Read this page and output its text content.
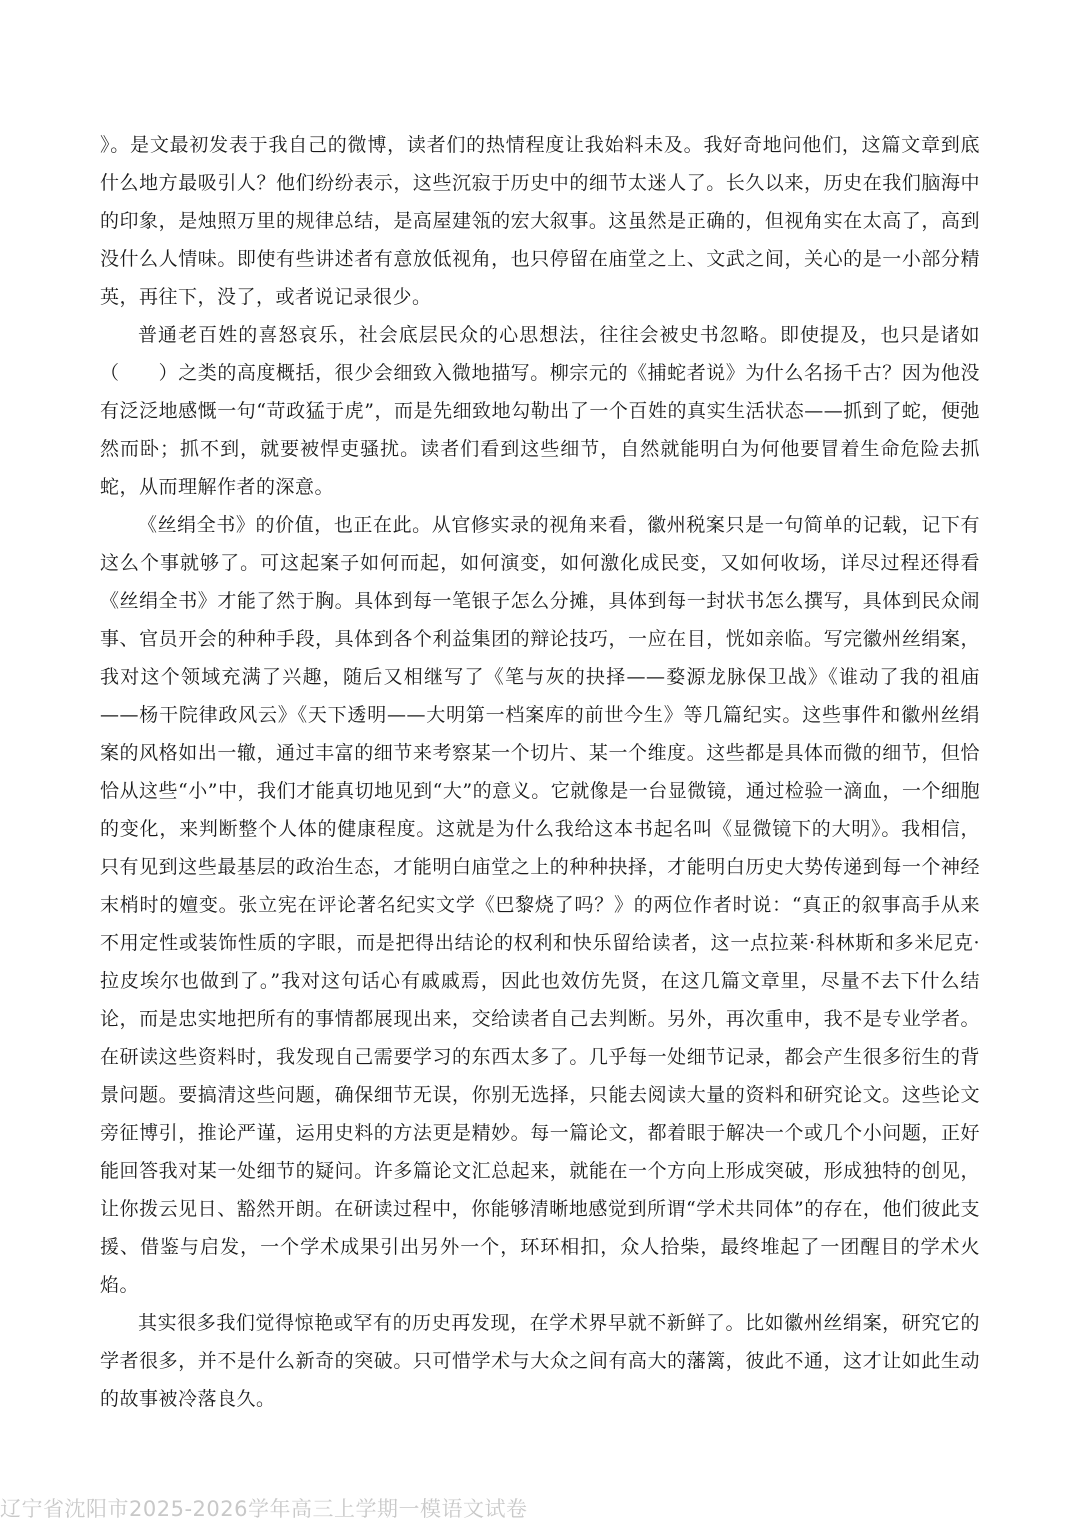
》。是文最初发表于我自己的微博，读者们的热情程度让我始料未及。我好奇地问他们，这篇文章到底什么地方最吸引人？他们纷纷表示，这些沉寂于历史中的细节太迷人了。长久以来，历史在我们脑海中的印象，是烛照万里的规律总结，是高屋建瓴的宏大叙事。这虽然是正确的，但视角实在太高了，高到没什么人情味。即使有些讲述者有意放低视角，也只停留在庙堂之上、文武之间，关心的是一小部分精英，再往下，没了，或者说记录很少。

普通老百姓的喜怒哀乐，社会底层民众的心思想法，往往会被史书忽略。即使提及，也只是诸如（　　）之类的高度概括，很少会细致入微地描写。柳宗元的《捕蛇者说》为什么名扬千古？因为他没有泛泛地感慨一句“苛政猛于虎”，而是先细致地勾勒出了一个百姓的真实生活状态——抓到了蛇，便弛然而卧；抓不到，就要被悍吏骚扰。读者们看到这些细节，自然就能明白为何他要冒着生命危险去抓蛇，从而理解作者的深意。

《丝绢全书》的价值，也正在此。从官修实录的视角来看，徽州税案只是一句简单的记载，记下有这么个事就够了。可这起案子如何而起，如何演变，如何激化成民变，又如何收场，详尽过程还得看《丝绢全书》才能了然于胸。具体到每一笔银子怎么分摊，具体到每一封状书怎么撰写，具体到民众闹事、官员开会的种种手段，具体到各个利益集团的辩论技巧，一应在目，恍如亲临。写完徽州丝绢案，我对这个领域充满了兴趣，随后又相继写了《笔与灰的抉择——婺源龙脉保卫战》《谁动了我的祖庙——杨干院律政风云》《天下透明——大明第一档案库的前世今生》等几篇纪实。这些事件和徽州丝绢案的风格如出一辙，通过丰富的细节来考察某一个切片、某一个维度。这些都是具体而微的细节，但恰恰从这些“小”中，我们才能真切地见到“大”的意义。它就像是一台显微镜，通过检验一滴血，一个细胞的变化，来判断整个人体的健康程度。这就是为什么我给这本书起名叫《显微镜下的大明》。我相信，只有见到这些最基层的政治生态，才能明白庙堂之上的种种抉择，才能明白历史大势传递到每一个神经末梢时的嬗变。张立宪在评论著名纪实文学《巴黎烧了吗？》的两位作者时说：“真正的叙事高手从来不用定性或装饰性质的字眼，而是把得出结论的权利和快乐留给读者，这一点拉莱·科林斯和多米尼克·拉皮埃尔也做到了。”我对这句话心有戚戚焉，因此也效仿先贤，在这几篇文章里，尽量不去下什么结论，而是忠实地把所有的事情都展现出来，交给读者自己去判断。另外，再次重申，我不是专业学者。在研读这些资料时，我发现自己需要学习的东西太多了。几乎每一处细节记录，都会产生很多衍生的背景问题。要搞清这些问题，确保细节无误，你别无选择，只能去阅读大量的资料和研究论文。这些论文旁征博引，推论严谨，运用史料的方法更是精妙。每一篇论文，都着眼于解决一个或几个小问题，正好能回答我对某一处细节的疑问。许多篇论文汇总起来，就能在一个方向上形成突破，形成独特的创见，让你拨云见日、豁然开朗。在研读过程中，你能够清晰地感觉到所谓“学术共同体”的存在，他们彼此支援、借鉴与启发，一个学术成果引出另外一个，环环相扣，众人拾柴，最终堆起了一团醒目的学术火焰。

其实很多我们觉得惊艳或罕有的历史再发现，在学术界早就不新鲜了。比如徽州丝绢案，研究它的学者很多，并不是什么新奇的突破。只可惜学术与大众之间有高大的藩篱，彼此不通，这才让如此生动的故事被冷落良久。

辽宁省沈阳市2025-2026学年高三上学期一模语文试卷
